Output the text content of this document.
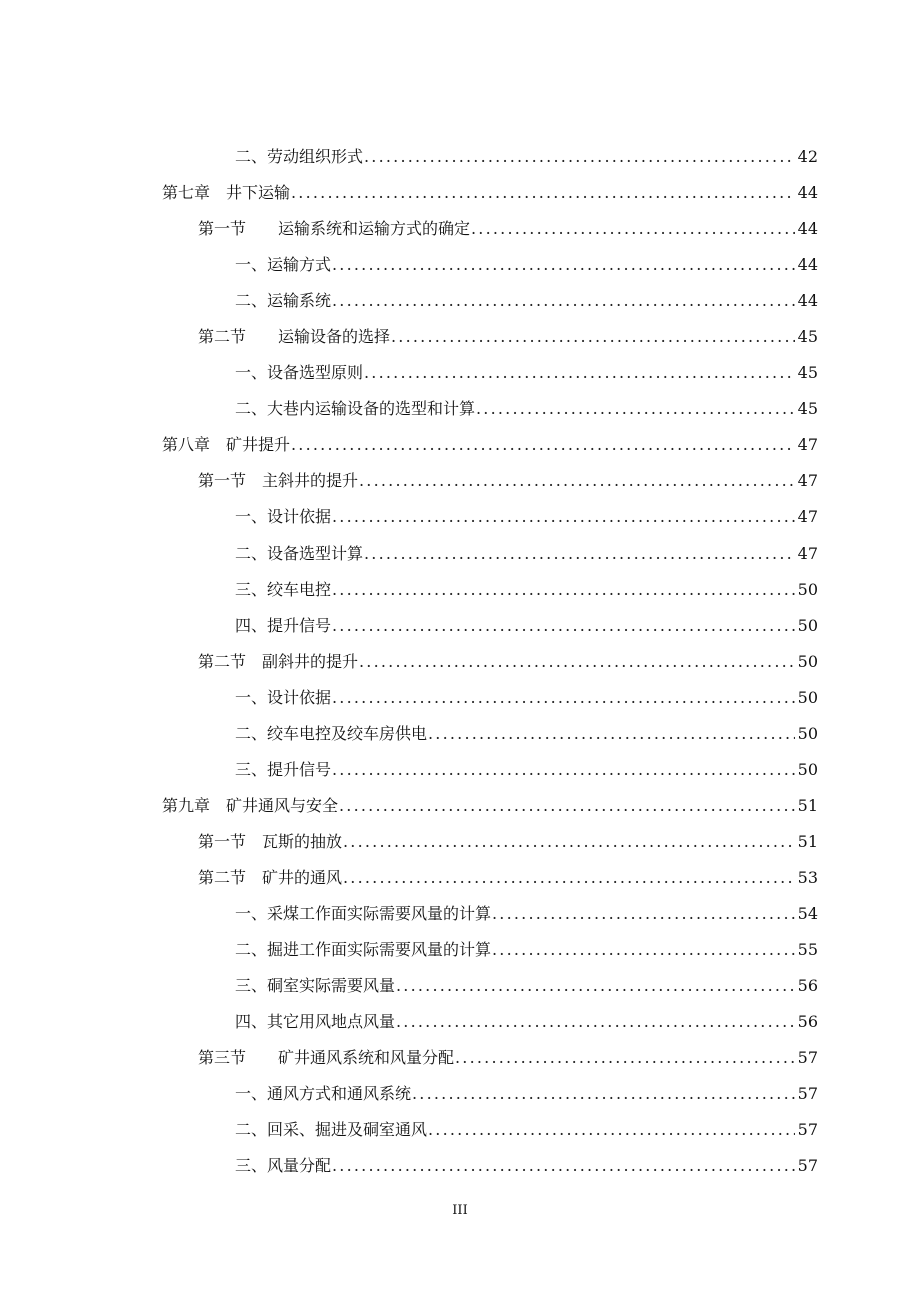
二、劳动组织形式 .....	42
第七章　井下运输 .....	44
第一节　　运输系统和运输方式的确定 .....	44
一、运输方式 .....	44
二、运输系统 .....	44
第二节　　运输设备的选择 .....	45
一、设备选型原则 .....	45
二、大巷内运输设备的选型和计算 .....	45
第八章　矿井提升 .....	47
第一节　主斜井的提升 .....	47
一、设计依据 .....	47
二、设备选型计算 .....	47
三、绞车电控 .....	50
四、提升信号 .....	50
第二节　副斜井的提升 .....	50
一、设计依据 .....	50
二、绞车电控及绞车房供电 .....	50
三、提升信号 .....	50
第九章　矿井通风与安全 .....	51
第一节　瓦斯的抽放 .....	51
第二节　矿井的通风 .....	53
一、采煤工作面实际需要风量的计算 .....	54
二、掘进工作面实际需要风量的计算 .....	55
三、硐室实际需要风量 .....	56
四、其它用风地点风量 .....	56
第三节　　矿井通风系统和风量分配 .....	57
一、通风方式和通风系统 .....	57
二、回采、掘进及硐室通风 .....	57
三、风量分配 .....	57
III
